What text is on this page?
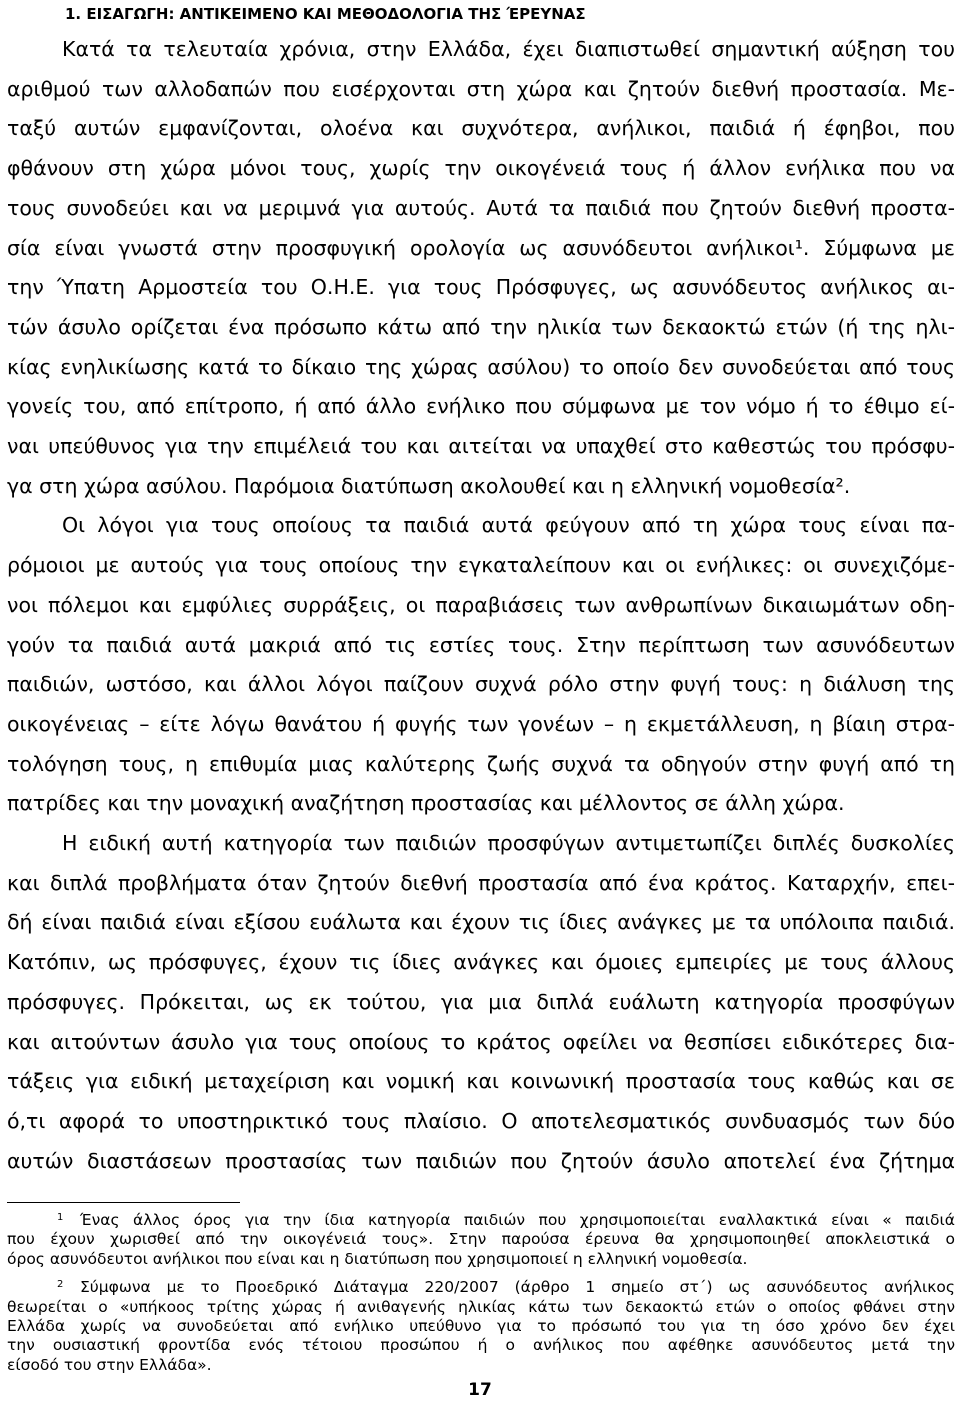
1. ΕΙΣΑΓΩΓΗ: ΑΝΤΙΚΕΙΜΕΝΟ ΚΑΙ ΜΕΘΟΔΟΛΟΓΙΑ ΤΗΣ ΈΡΕΥΝΑΣ
Κατά τα τελευταία χρόνια, στην Ελλάδα, έχει διαπιστωθεί σημαντική αύξηση του
αριθμού των αλλοδαπών που εισέρχονται στη χώρα και ζητούν διεθνή προστασία. Με-
ταξύ αυτών εμφανίζονται, ολοένα και συχνότερα, ανήλικοι, παιδιά ή έφηβοι, που
φθάνουν στη χώρα μόνοι τους, χωρίς την οικογένειά τους ή άλλον ενήλικα που να
τους συνοδεύει και να μεριμνά για αυτούς. Αυτά τα παιδιά που ζητούν διεθνή προστα-
σία είναι γνωστά στην προσφυγική ορολογία ως ασυνόδευτοι ανήλικοι¹. Σύμφωνα με
την Ύπατη Αρμοστεία του Ο.Η.Ε. για τους Πρόσφυγες, ως ασυνόδευτος ανήλικος αι-
τών άσυλο ορίζεται ένα πρόσωπο κάτω από την ηλικία των δεκαοκτώ ετών (ή της ηλι-
κίας ενηλικίωσης κατά το δίκαιο της χώρας ασύλου) το οποίο δεν συνοδεύεται από τους
γονείς του, από επίτροπο, ή από άλλο ενήλικο που σύμφωνα με τον νόμο ή το έθιμο εί-
ναι υπεύθυνος για την επιμέλειά του και αιτείται να υπαχθεί στο καθεστώς του πρόσφυ-
γα στη χώρα ασύλου. Παρόμοια διατύπωση ακολουθεί και η ελληνική νομοθεσία².
Οι λόγοι για τους οποίους τα παιδιά αυτά φεύγουν από τη χώρα τους είναι πα-
ρόμοιοι με αυτούς για τους οποίους την εγκαταλείπουν και οι ενήλικες: οι συνεχιζόμε-
νοι πόλεμοι και εμφύλιες συρράξεις, οι παραβιάσεις των ανθρωπίνων δικαιωμάτων οδη-
γούν τα παιδιά αυτά μακριά από τις εστίες τους. Στην περίπτωση των ασυνόδευτων
παιδιών, ωστόσο, και άλλοι λόγοι παίζουν συχνά ρόλο στην φυγή τους: η διάλυση της
οικογένειας – είτε λόγω θανάτου ή φυγής των γονέων – η εκμετάλλευση, η βίαιη στρα-
τολόγηση τους, η επιθυμία μιας καλύτερης ζωής συχνά τα οδηγούν στην φυγή από τη
πατρίδες και την μοναχική αναζήτηση προστασίας και μέλλοντος σε άλλη χώρα.
Η ειδική αυτή κατηγορία των παιδιών προσφύγων αντιμετωπίζει διπλές δυσκολίες
και διπλά προβλήματα όταν ζητούν διεθνή προστασία από ένα κράτος. Καταρχήν, επει-
δή είναι παιδιά είναι εξίσου ευάλωτα και έχουν τις ίδιες ανάγκες με τα υπόλοιπα παιδιά.
Κατόπιν, ως πρόσφυγες, έχουν τις ίδιες ανάγκες και όμοιες εμπειρίες με τους άλλους
πρόσφυγες. Πρόκειται, ως εκ τούτου, για μια διπλά ευάλωτη κατηγορία προσφύγων
και αιτούντων άσυλο για τους οποίους το κράτος οφείλει να θεσπίσει ειδικότερες δια-
τάξεις για ειδική μεταχείριση και νομική και κοινωνική προστασία τους καθώς και σε
ό,τι αφορά το υποστηρικτικό τους πλαίσιο. Ο αποτελεσματικός συνδυασμός των δύο
αυτών διαστάσεων προστασίας των παιδιών που ζητούν άσυλο αποτελεί ένα ζήτημα
1 Ένας άλλος όρος για την ίδια κατηγορία παιδιών που χρησιμοποιείται εναλλακτικά είναι « παιδιά
που έχουν χωρισθεί από την οικογένειά τους». Στην παρούσα έρευνα θα χρησιμοποιηθεί αποκλειστικά ο
όρος ασυνόδευτοι ανήλικοι που είναι και η διατύπωση που χρησιμοποιεί η ελληνική νομοθεσία.
2 Σύμφωνα με το Προεδρικό Διάταγμα 220/2007 (άρθρο 1 σημείο στ΄) ως ασυνόδευτος ανήλικος
θεωρείται ο «υπήκοος τρίτης χώρας ή ανιθαγενής ηλικίας κάτω των δεκαοκτώ ετών ο οποίος φθάνει στην
Ελλάδα χωρίς να συνοδεύεται από ενήλικο υπεύθυνο για το πρόσωπό του για τη όσο χρόνο δεν έχει
την ουσιαστική φροντίδα ενός τέτοιου προσώπου ή ο ανήλικος που αφέθηκε ασυνόδευτος μετά την
είσοδό του στην Ελλάδα».
17
